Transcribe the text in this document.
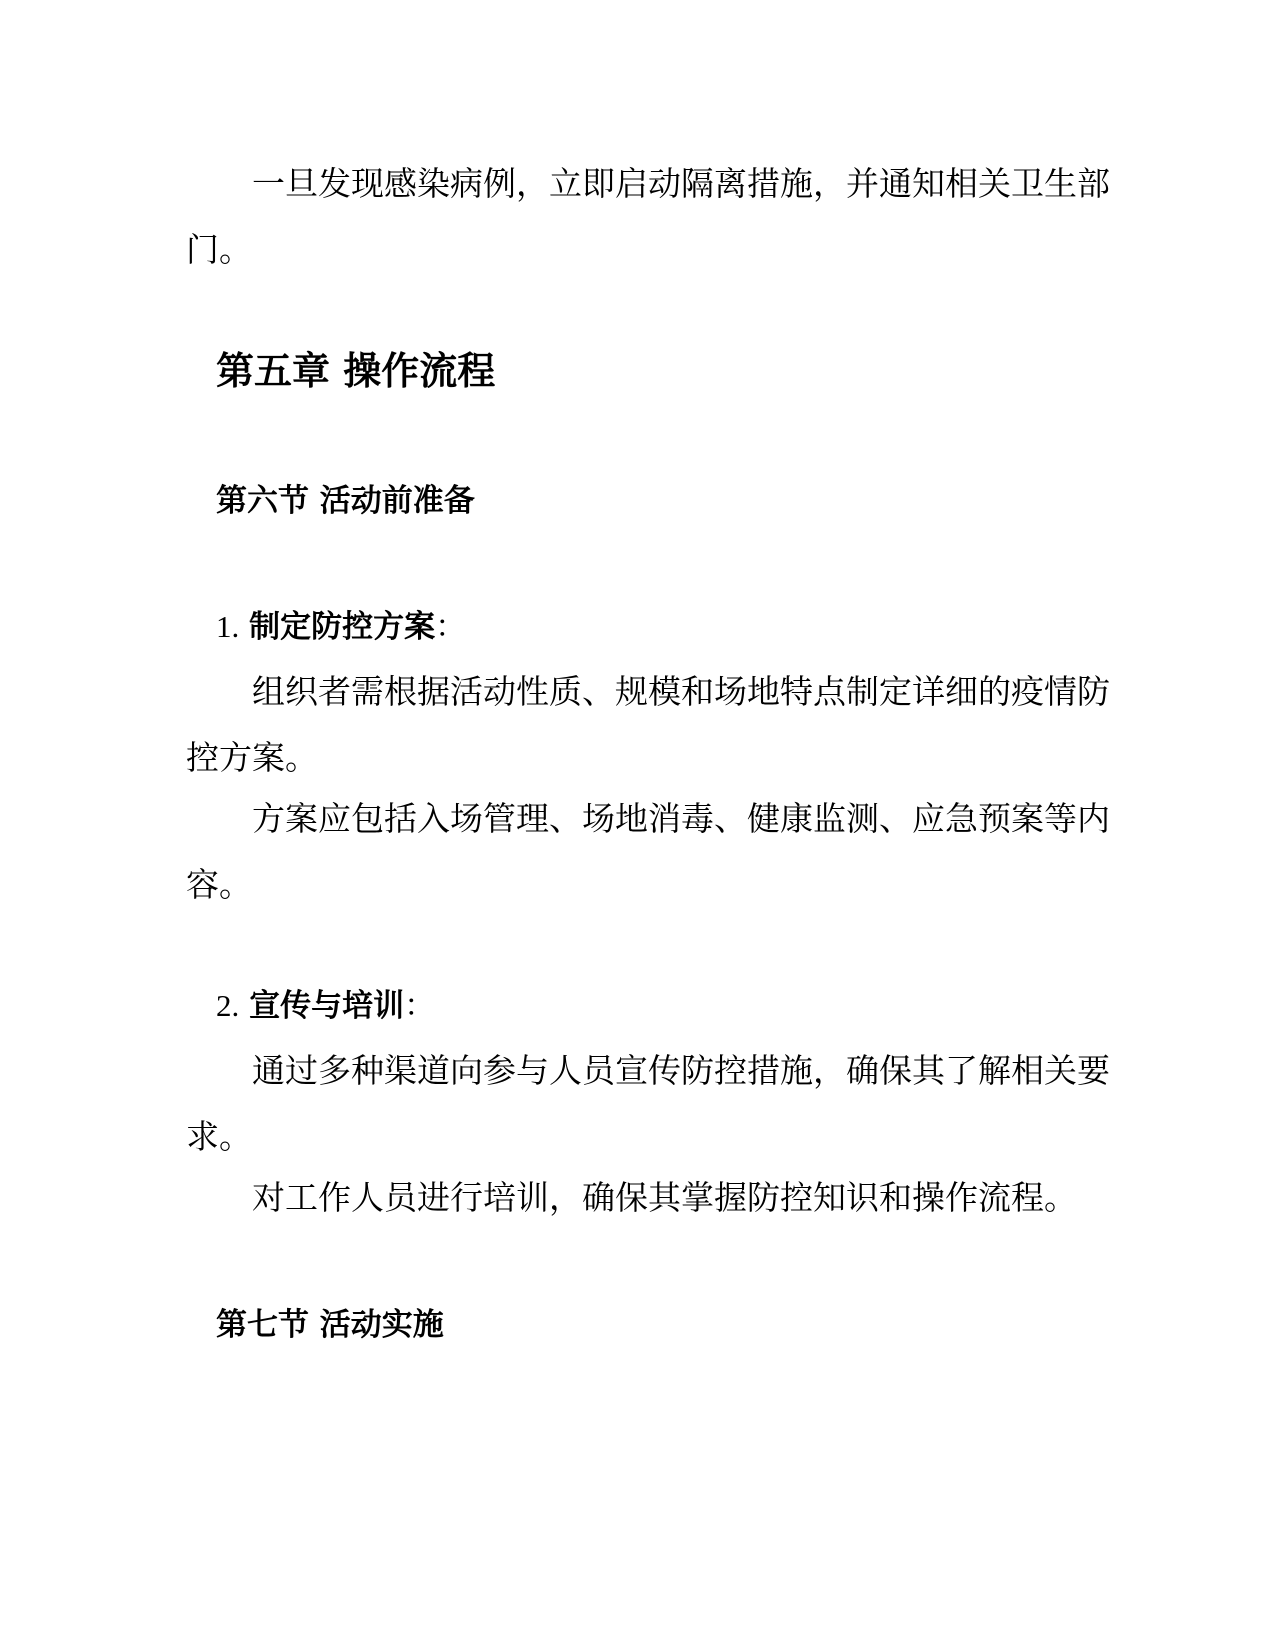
一旦发现感染病例，立即启动隔离措施，并通知相关卫生部门。

第五章 操作流程
第六节 活动前准备
1. 制定防控方案：

组织者需根据活动性质、规模和场地特点制定详细的疫情防控方案。

方案应包括入场管理、场地消毒、健康监测、应急预案等内容。

2. 宣传与培训：

通过多种渠道向参与人员宣传防控措施，确保其了解相关要求。

对工作人员进行培训，确保其掌握防控知识和操作流程。

第七节 活动实施
